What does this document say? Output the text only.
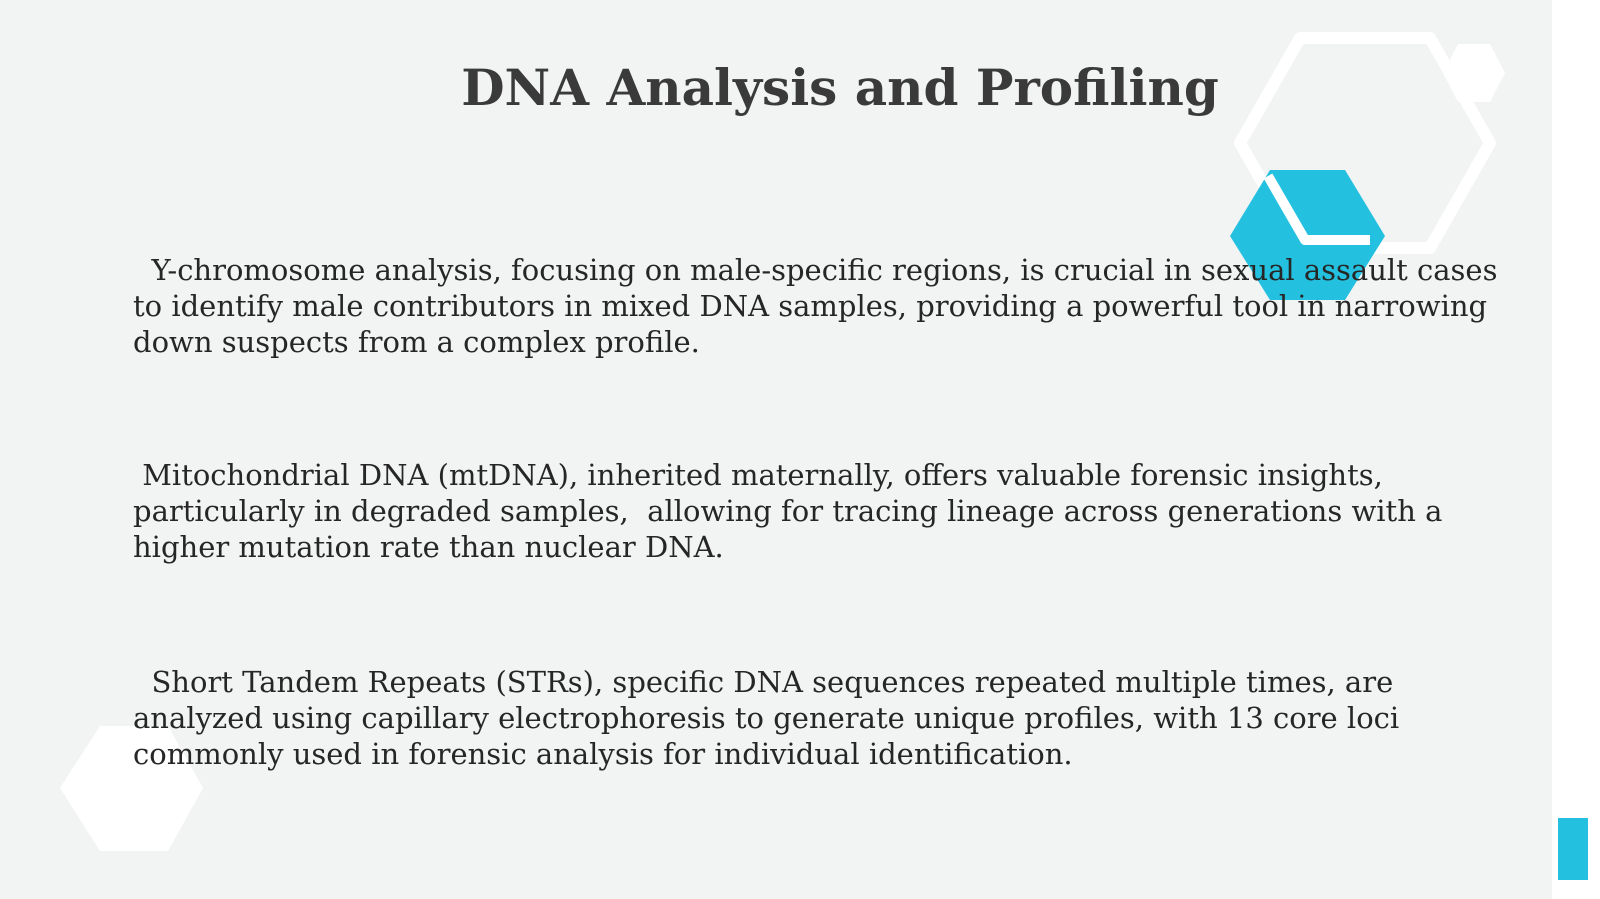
DNA Analysis and Profiling

Y-chromosome analysis, focusing on male-specific regions, is crucial in sexual assault cases to identify male contributors in mixed DNA samples, providing a powerful tool in narrowing down suspects from a complex profile.

Mitochondrial DNA (mtDNA), inherited maternally, offers valuable forensic insights, particularly in degraded samples,  allowing for tracing lineage across generations with a higher mutation rate than nuclear DNA.

Short Tandem Repeats (STRs), specific DNA sequences repeated multiple times, are analyzed using capillary electrophoresis to generate unique profiles, with 13 core loci commonly used in forensic analysis for individual identification.
